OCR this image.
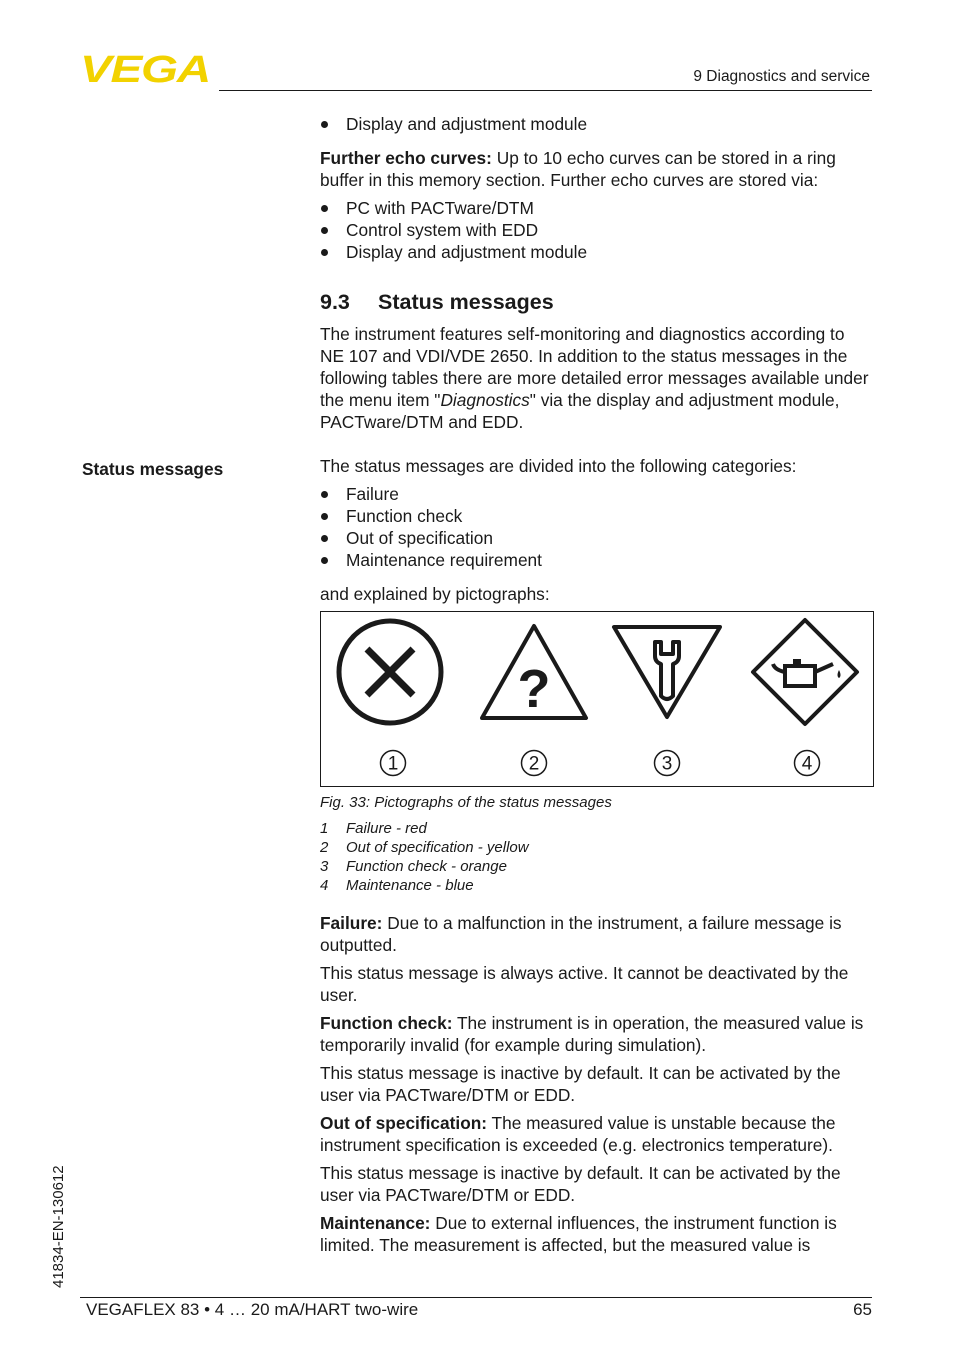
VEGA	9 Diagnostics and service
Status messages
Display and adjustment module

Further echo curves: Up to 10 echo curves can be stored in a ring buffer in this memory section. Further echo curves are stored via:

PC with PACTware/DTM
Control system with EDD
Display and adjustment module
9.3 Status messages

The instrument features self-monitoring and diagnostics according to NE 107 and VDI/VDE 2650. In addition to the status messages in the following tables there are more detailed error messages available under the menu item "Diagnostics" via the display and adjustment module, PACTware/DTM and EDD.

The status messages are divided into the following categories:

Failure
Function check
Out of specification
Maintenance requirement

and explained by pictographs:

?
1	2	3	4
Fig. 33: Pictographs of the status messages
1 Failure - red
2 Out of specification - yellow
3 Function check - orange
4 Maintenance - blue

Failure: Due to a malfunction in the instrument, a failure message is outputted.

This status message is always active. It cannot be deactivated by the user.

Function check: The instrument is in operation, the measured value is temporarily invalid (for example during simulation).

This status message is inactive by default. It can be activated by the user via PACTware/DTM or EDD.

Out of specification: The measured value is unstable because the instrument specification is exceeded (e.g. electronics temperature).

This status message is inactive by default. It can be activated by the user via PACTware/DTM or EDD.

Maintenance: Due to external influences, the instrument function is limited. The measurement is affected, but the measured value is

41834-EN-130612
VEGAFLEX 83 • 4 … 20 mA/HART two-wire	65
